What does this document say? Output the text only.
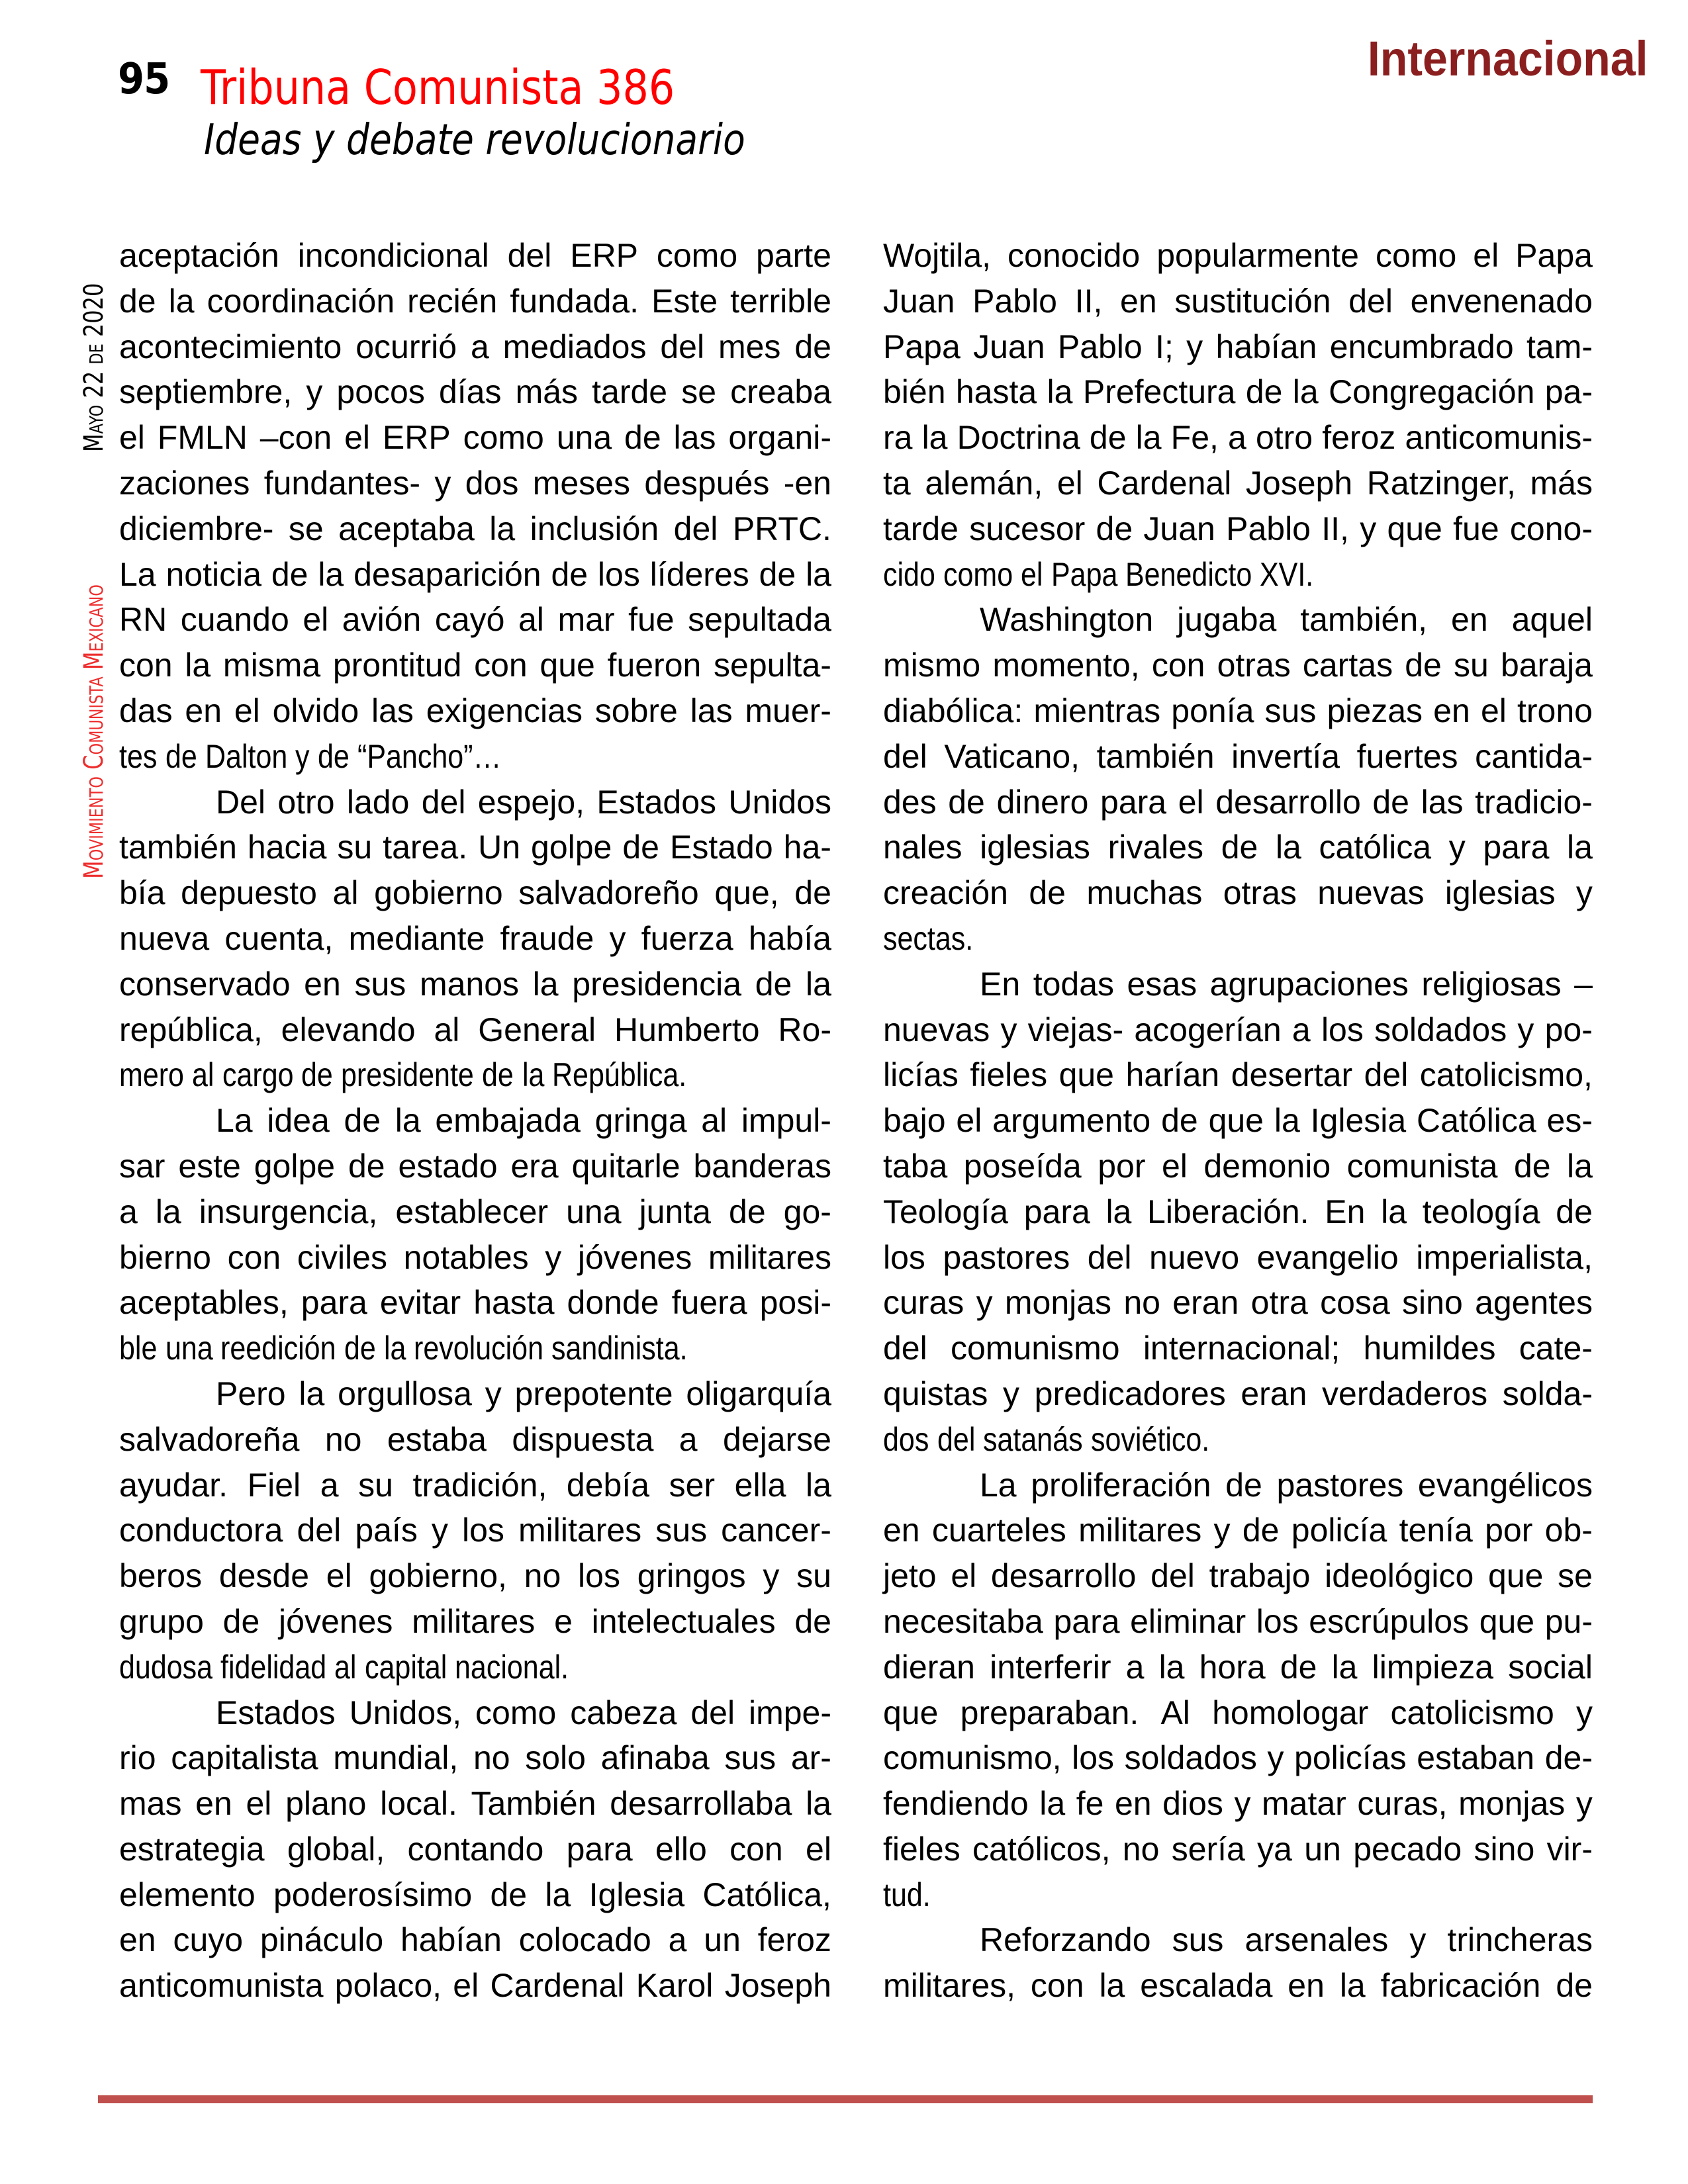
95 Tribuna Comunista 386
Ideas y debate revolucionario
Internacional
Movimiento Comunista Mexicano
Mayo 22 de 2020

aceptación incondicional del ERP como parte
de la coordinación recién fundada. Este terrible
acontecimiento ocurrió a mediados del mes de
septiembre, y pocos días más tarde se creaba
el FMLN –con el ERP como una de las organi-
zaciones fundantes- y dos meses después -en
diciembre- se aceptaba la inclusión del PRTC.
La noticia de la desaparición de los líderes de la
RN cuando el avión cayó al mar fue sepultada
con la misma prontitud con que fueron sepulta-
das en el olvido las exigencias sobre las muer-
tes de Dalton y de “Pancho”…

Del otro lado del espejo, Estados Unidos
también hacia su tarea. Un golpe de Estado ha-
bía depuesto al gobierno salvadoreño que, de
nueva cuenta, mediante fraude y fuerza había
conservado en sus manos la presidencia de la
república, elevando al General Humberto Ro-
mero al cargo de presidente de la República.

La idea de la embajada gringa al impul-
sar este golpe de estado era quitarle banderas
a la insurgencia, establecer una junta de go-
bierno con civiles notables y jóvenes militares
aceptables, para evitar hasta donde fuera posi-
ble una reedición de la revolución sandinista.

Pero la orgullosa y prepotente oligarquía
salvadoreña no estaba dispuesta a dejarse
ayudar. Fiel a su tradición, debía ser ella la
conductora del país y los militares sus cancer-
beros desde el gobierno, no los gringos y su
grupo de jóvenes militares e intelectuales de
dudosa fidelidad al capital nacional.

Estados Unidos, como cabeza del impe-
rio capitalista mundial, no solo afinaba sus ar-
mas en el plano local. También desarrollaba la
estrategia global, contando para ello con el
elemento poderosísimo de la Iglesia Católica,
en cuyo pináculo habían colocado a un feroz
anticomunista polaco, el Cardenal Karol Joseph

Wojtila, conocido popularmente como el Papa
Juan Pablo II, en sustitución del envenenado
Papa Juan Pablo I; y habían encumbrado tam-
bién hasta la Prefectura de la Congregación pa-
ra la Doctrina de la Fe, a otro feroz anticomunis-
ta alemán, el Cardenal Joseph Ratzinger, más
tarde sucesor de Juan Pablo II, y que fue cono-
cido como el Papa Benedicto XVI.

Washington jugaba también, en aquel
mismo momento, con otras cartas de su baraja
diabólica: mientras ponía sus piezas en el trono
del Vaticano, también invertía fuertes cantida-
des de dinero para el desarrollo de las tradicio-
nales iglesias rivales de la católica y para la
creación de muchas otras nuevas iglesias y
sectas.

En todas esas agrupaciones religiosas –
nuevas y viejas- acogerían a los soldados y po-
licías fieles que harían desertar del catolicismo,
bajo el argumento de que la Iglesia Católica es-
taba poseída por el demonio comunista de la
Teología para la Liberación. En la teología de
los pastores del nuevo evangelio imperialista,
curas y monjas no eran otra cosa sino agentes
del comunismo internacional; humildes cate-
quistas y predicadores eran verdaderos solda-
dos del satanás soviético.

La proliferación de pastores evangélicos
en cuarteles militares y de policía tenía por ob-
jeto el desarrollo del trabajo ideológico que se
necesitaba para eliminar los escrúpulos que pu-
dieran interferir a la hora de la limpieza social
que preparaban. Al homologar catolicismo y
comunismo, los soldados y policías estaban de-
fendiendo la fe en dios y matar curas, monjas y
fieles católicos, no sería ya un pecado sino vir-
tud.

Reforzando sus arsenales y trincheras
militares, con la escalada en la fabricación de
